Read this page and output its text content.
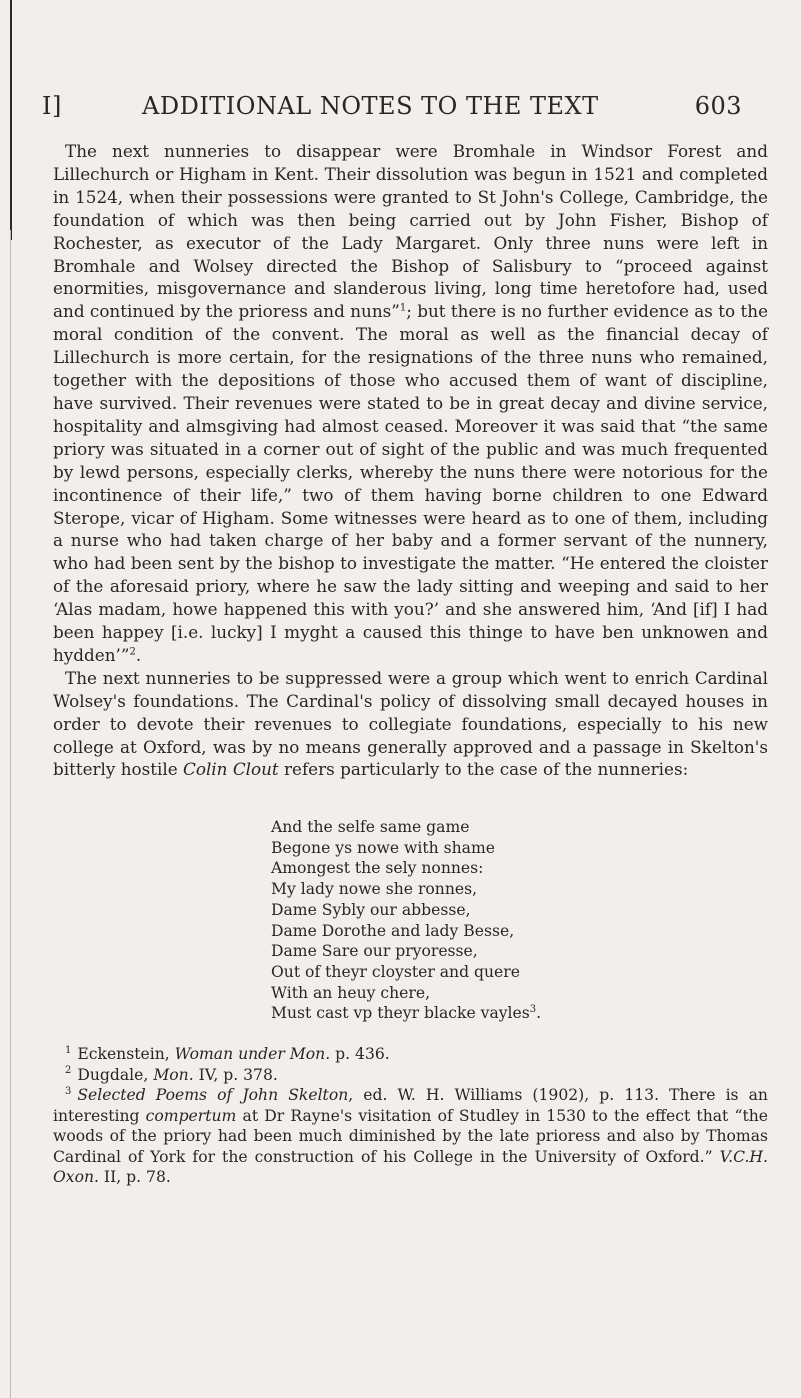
I]	ADDITIONAL NOTES TO THE TEXT	603

The next nunneries to disappear were Bromhale in Windsor Forest and Lillechurch or Higham in Kent. Their dissolution was begun in 1521 and completed in 1524, when their possessions were granted to St John's College, Cambridge, the foundation of which was then being carried out by John Fisher, Bishop of Rochester, as executor of the Lady Margaret. Only three nuns were left in Bromhale and Wolsey directed the Bishop of Salisbury to “proceed against enormities, misgovernance and slanderous living, long time heretofore had, used and continued by the prioress and nuns”$^1$; but there is no further evidence as to the moral condition of the convent. The moral as well as the financial decay of Lillechurch is more certain, for the resignations of the three nuns who remained, together with the depositions of those who accused them of want of discipline, have survived. Their revenues were stated to be in great decay and divine service, hospitality and almsgiving had almost ceased. Moreover it was said that “the same priory was situated in a corner out of sight of the public and was much frequented by lewd persons, especially clerks, whereby the nuns there were notorious for the incontinence of their life,” two of them having borne children to one Edward Sterope, vicar of Higham. Some witnesses were heard as to one of them, including a nurse who had taken charge of her baby and a former servant of the nunnery, who had been sent by the bishop to investigate the matter. “He entered the cloister of the aforesaid priory, where he saw the lady sitting and weeping and said to her ‘Alas madam, howe happened this with you?’ and she answered him, ‘And [if] I had been happey [i.e. lucky] I myght a caused this thinge to have ben unknowen and hydden’”$^2$.

The next nunneries to be suppressed were a group which went to enrich Cardinal Wolsey's foundations. The Cardinal's policy of dissolving small decayed houses in order to devote their revenues to collegiate foundations, especially to his new college at Oxford, was by no means generally approved and a passage in Skelton's bitterly hostile Colin Clout refers particularly to the case of the nunneries:

And the selfe same game
Begone ys nowe with shame
Amongest the sely nonnes:
My lady nowe she ronnes,
Dame Sybly our abbesse,
Dame Dorothe and lady Besse,
Dame Sare our pryoresse,
Out of theyr cloyster and quere
With an heuy chere,
Must cast vp theyr blacke vayles$^3$.

$^1$ Eckenstein, Woman under Mon. p. 436.

$^2$ Dugdale, Mon. IV, p. 378.

$^3$ Selected Poems of John Skelton, ed. W. H. Williams (1902), p. 113. There is an interesting compertum at Dr Rayne's visitation of Studley in 1530 to the effect that “the woods of the priory had been much diminished by the late prioress and also by Thomas Cardinal of York for the construction of his College in the University of Oxford.” V.C.H. Oxon. II, p. 78.
